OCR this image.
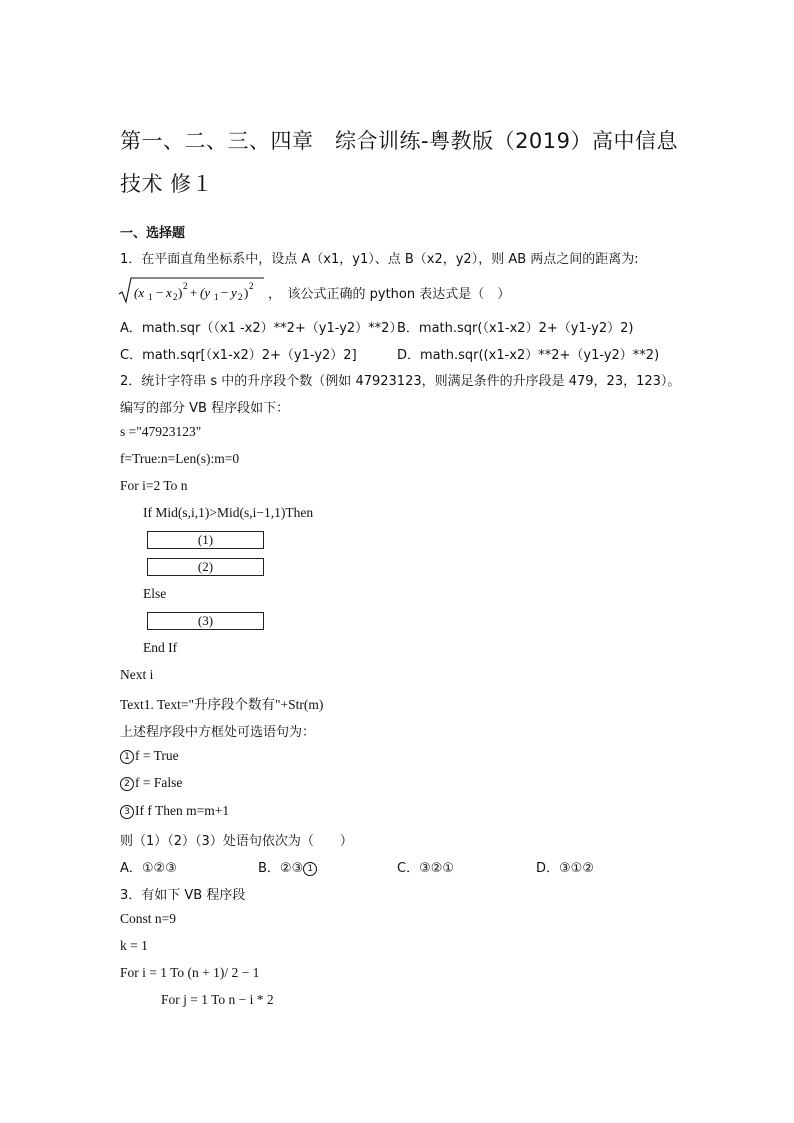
第一、二、三、四章　综合训练-粤教版（2019）高中信息技术 修１
一、选择题
1．在平面直角坐标系中，设点 A（x1，y1）、点 B（x2，y2），则 AB 两点之间的距离为:
(x 1 − x 2 ) 2 + (y 1 − y 2 ) 2
，　该公式正确的 python 表达式是（　）
A．math.sqr（（x1 -x2）**2+（y1-y2）**2）
B．math.sqr(（x1-x2）2+（y1-y2）2)
C．math.sqr[（x1-x2）2+（y1-y2）2]	D．math.sqr((x1-x2）**2+（y1-y2）**2)
2．统计字符串 s 中的升序段个数（例如 47923123，则满足条件的升序段是 479，23，123）。
编写的部分 VB 程序段如下：
s ="47923123"
f=True:n=Len(s):m=0
For i=2 To n
If Mid(s,i,1)>Mid(s,i−1,1)Then
(1)
(2)
Else
(3)
End If
Next i
Text1. Text="升序段个数有"+Str(m)
上述程序段中方框处可选语句为：
1 f = True
2 f = False
3 If f Then m=m+1
则（1）（2）（3）处语句依次为（　　）
A．①②③	B．②③ 1	C．③②①	D．③①②
3．有如下 VB 程序段
Const n=9
k = 1
For i = 1 To (n + 1)/ 2 − 1
For j = 1 To n − i * 2
